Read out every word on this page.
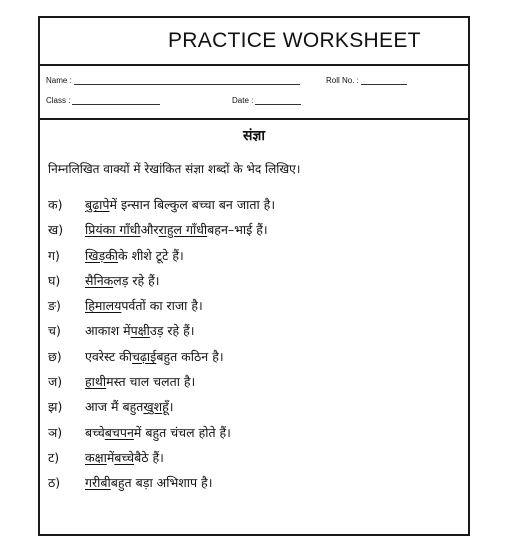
PRACTICE WORKSHEET
Name :	Roll No. :
Class :	Date :
संज्ञा
निम्नलिखित वाक्यों में रेखांकित संज्ञा शब्दों के भेद लिखिए।
क)	बुढ़ापे में इन्सान बिल्कुल बच्चा बन जाता है।
ख)	प्रियंका गाँधी और राहुल गाँधी बहन–भाई हैं।
ग)	खिड़की के शीशे टूटे हैं।
घ)	सैनिक लड़ रहे हैं।
ङ)	हिमालय पर्वतों का राजा है।
च)	आकाश में पक्षी उड़ रहे हैं।
छ)	एवरेस्ट की चढ़ाई बहुत कठिन है।
ज)	हाथी मस्त चाल चलता है।
झ)	आज मैं बहुत खुश हूँ।
ञ)	बच्चे बचपन में बहुत चंचल होते हैं।
ट)	कक्षा में बच्चे बैठे हैं।
ठ)	गरीबी बहुत बड़ा अभिशाप है।
